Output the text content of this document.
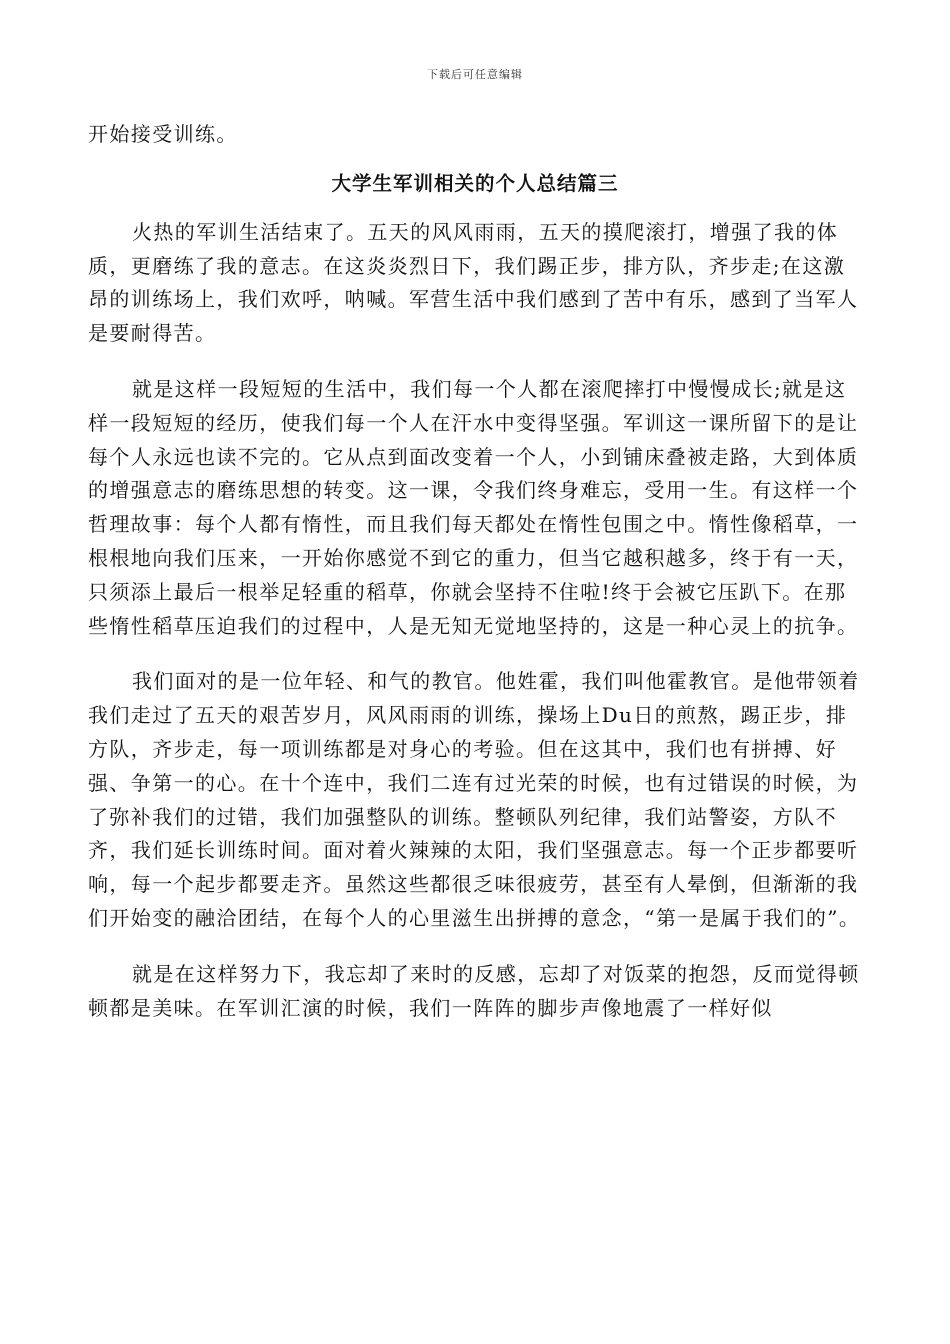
下载后可任意编辑

开始接受训练。

大学生军训相关的个人总结篇三

火热的军训生活结束了。五天的风风雨雨，五天的摸爬滚打，增强了我的体质，更磨练了我的意志。在这炎炎烈日下，我们踢正步，排方队，齐步走;在这激昂的训练场上，我们欢呼，呐喊。军营生活中我们感到了苦中有乐，感到了当军人是要耐得苦。

就是这样一段短短的生活中，我们每一个人都在滚爬摔打中慢慢成长;就是这样一段短短的经历，使我们每一个人在汗水中变得坚强。军训这一课所留下的是让每个人永远也读不完的。它从点到面改变着一个人，小到铺床叠被走路，大到体质的增强意志的磨练思想的转变。这一课，令我们终身难忘，受用一生。有这样一个哲理故事：每个人都有惰性，而且我们每天都处在惰性包围之中。惰性像稻草，一根根地向我们压来，一开始你感觉不到它的重力，但当它越积越多，终于有一天，只须添上最后一根举足轻重的稻草，你就会坚持不住啦!终于会被它压趴下。在那些惰性稻草压迫我们的过程中，人是无知无觉地坚持的，这是一种心灵上的抗争。

我们面对的是一位年轻、和气的教官。他姓霍，我们叫他霍教官。是他带领着我们走过了五天的艰苦岁月，风风雨雨的训练，操场上Du日的煎熬，踢正步，排方队，齐步走，每一项训练都是对身心的考验。但在这其中，我们也有拼搏、好强、争第一的心。在十个连中，我们二连有过光荣的时候，也有过错误的时候，为了弥补我们的过错，我们加强整队的训练。整顿队列纪律，我们站警姿，方队不齐，我们延长训练时间。面对着火辣辣的太阳，我们坚强意志。每一个正步都要听响，每一个起步都要走齐。虽然这些都很乏味很疲劳，甚至有人晕倒，但渐渐的我们开始变的融洽团结，在每个人的心里滋生出拼搏的意念，“第一是属于我们的”。

就是在这样努力下，我忘却了来时的反感，忘却了对饭菜的抱怨，反而觉得顿顿都是美味。在军训汇演的时候，我们一阵阵的脚步声像地震了一样好似
